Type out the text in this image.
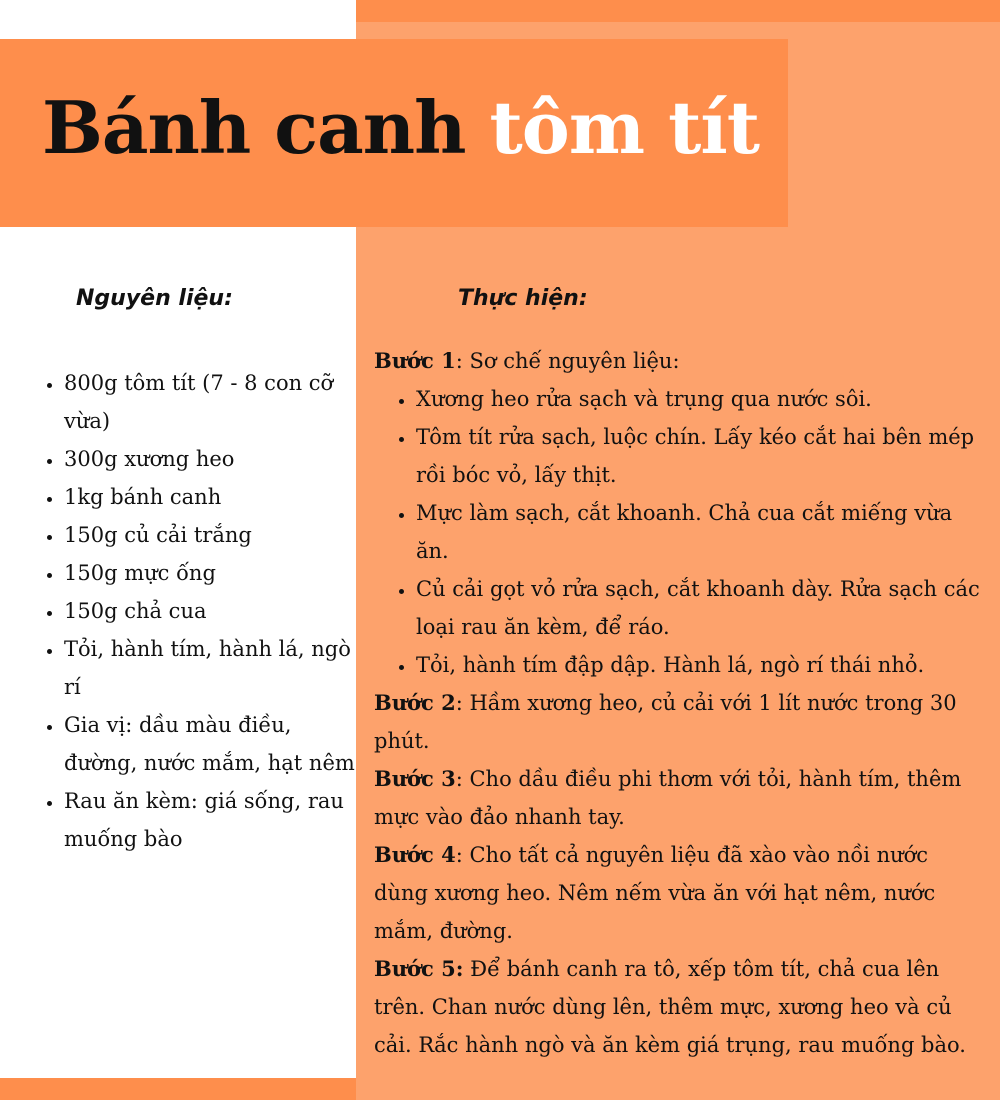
Bánh canh tôm tít
Nguyên liệu:	Thực hiện:
• 800g tôm tít (7 - 8 con cỡ vừa)
• 300g xương heo
• 1kg bánh canh
• 150g củ cải trắng
• 150g mực ống
• 150g chả cua
• Tỏi, hành tím, hành lá, ngò rí
• Gia vị: dầu màu điều, đường, nước mắm, hạt nêm
• Rau ăn kèm: giá sống, rau muống bào

Bước 1: Sơ chế nguyên liệu:

• Xương heo rửa sạch và trụng qua nước sôi.
• Tôm tít rửa sạch, luộc chín. Lấy kéo cắt hai bên mép rồi bóc vỏ, lấy thịt.
• Mực làm sạch, cắt khoanh. Chả cua cắt miếng vừa ăn.
• Củ cải gọt vỏ rửa sạch, cắt khoanh dày. Rửa sạch các loại rau ăn kèm, để ráo.
• Tỏi, hành tím đập dập. Hành lá, ngò rí thái nhỏ.

Bước 2: Hầm xương heo, củ cải với 1 lít nước trong 30 phút.

Bước 3: Cho dầu điều phi thơm với tỏi, hành tím, thêm mực vào đảo nhanh tay.

Bước 4: Cho tất cả nguyên liệu đã xào vào nồi nước dùng xương heo. Nêm nếm vừa ăn với hạt nêm, nước mắm, đường.

Bước 5: Để bánh canh ra tô, xếp tôm tít, chả cua lên trên. Chan nước dùng lên, thêm mực, xương heo và củ cải. Rắc hành ngò và ăn kèm giá trụng, rau muống bào.
